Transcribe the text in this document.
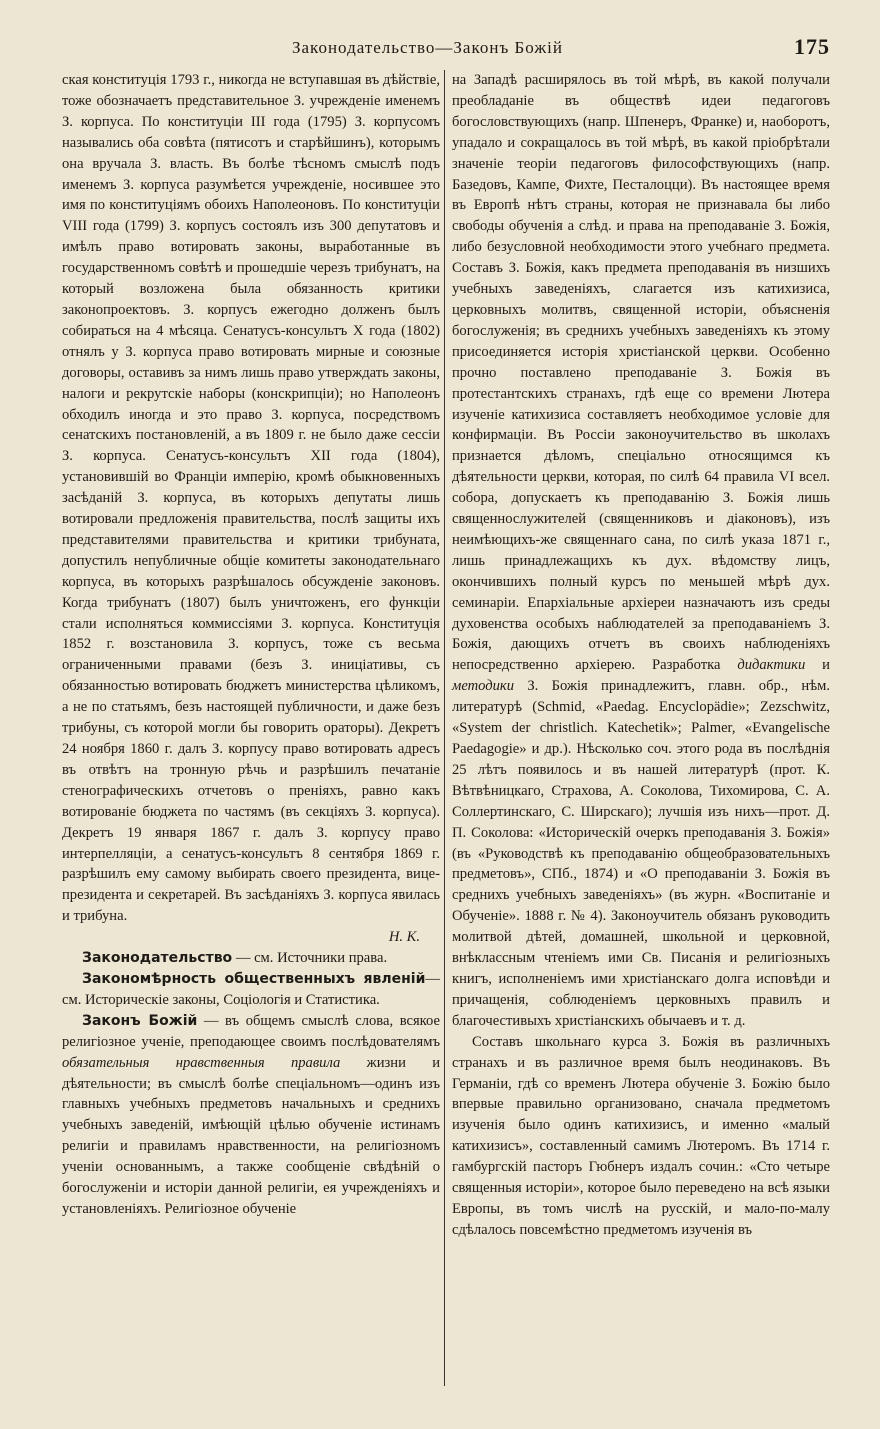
Законодательство—Законъ Божій	175

ская конституція 1793 г., никогда не вступавшая въ дѣйствіе, тоже обозначаетъ представительное З. учрежденіе именемъ З. корпуса. По конституціи III года (1795) З. корпусомъ назывались оба совѣта (пятисотъ и старѣйшинъ), которымъ она вручала З. власть. Въ болѣе тѣсномъ смыслѣ подъ именемъ З. корпуса разумѣется учрежденіе, носившее это имя по конституціямъ обоихъ Наполеоновъ. По конституціи VIII года (1799) З. корпусъ состоялъ изъ 300 депутатовъ и имѣлъ право вотировать законы, выработанные въ государственномъ совѣтѣ и прошедшіе черезъ трибунатъ, на который возложена была обязанность критики законопроектовъ. З. корпусъ ежегодно долженъ былъ собираться на 4 мѣсяца. Сенатусъ-консультъ X года (1802) отнялъ у З. корпуса право вотировать мирные и союзные договоры, оставивъ за нимъ лишь право утверждать законы, налоги и рекрутскіе наборы (конскрипціи); но Наполеонъ обходилъ иногда и это право З. корпуса, посредствомъ сенатскихъ постановленій, а въ 1809 г. не было даже сессіи З. корпуса. Сенатусъ-консультъ XII года (1804), установившій во Франціи имперію, кромѣ обыкновенныхъ засѣданій З. корпуса, въ которыхъ депутаты лишь вотировали предложенія правительства, послѣ защиты ихъ представителями правительства и критики трибуната, допустилъ непубличные общіе комитеты законодательнаго корпуса, въ которыхъ разрѣшалось обсужденіе законовъ. Когда трибунатъ (1807) былъ уничтоженъ, его функціи стали исполняться коммиссіями З. корпуса. Конституція 1852 г. возстановила З. корпусъ, тоже съ весьма ограниченными правами (безъ З. иниціативы, съ обязанностью вотировать бюджетъ министерства цѣликомъ, а не по статьямъ, безъ настоящей публичности, и даже безъ трибуны, съ которой могли бы говорить ораторы). Декретъ 24 ноября 1860 г. далъ З. корпусу право вотировать адресъ въ отвѣтъ на тронную рѣчь и разрѣшилъ печатаніе стенографическихъ отчетовъ о преніяхъ, равно какъ вотированіе бюджета по частямъ (въ секціяхъ З. корпуса). Декретъ 19 января 1867 г. далъ З. корпусу право интерпелляціи, а сенатусъ-консультъ 8 сентября 1869 г. разрѣшилъ ему самому выбирать своего президента, вице-президента и секретарей. Въ засѣданіяхъ З. корпуса явилась и трибуна.

Н. К.

Законодательство — см. Источники права.

Закономѣрность общественныхъ явленій—см. Историческіе законы, Соціологія и Статистика.

Законъ Божій — въ общемъ смыслѣ слова, всякое религіозное ученіе, преподающее своимъ послѣдователямъ обязательныя нравственныя правила жизни и дѣятельности; въ смыслѣ болѣе спеціальномъ—одинъ изъ главныхъ учебныхъ предметовъ начальныхъ и среднихъ учебныхъ заведеній, имѣющій цѣлью обученіе истинамъ религіи и правиламъ нравственности, на религіозномъ ученіи основаннымъ, а также сообщеніе свѣдѣній о богослуженіи и исторіи данной религіи, ея учрежденіяхъ и установленіяхъ. Религіозное обученіе

на Западѣ расширялось въ той мѣрѣ, въ какой получали преобладаніе въ обществѣ идеи педагоговъ богословствующихъ (напр. Шпенеръ, Франке) и, наоборотъ, упадало и сокращалось въ той мѣрѣ, въ какой пріобрѣтали значеніе теоріи педагоговъ философствующихъ (напр. Базедовъ, Кампе, Фихте, Песталоцци). Въ настоящее время въ Европѣ нѣтъ страны, которая не признавала бы либо свободы обученія а слѣд. и права на преподаваніе З. Божія, либо безусловной необходимости этого учебнаго предмета. Составъ З. Божія, какъ предмета преподаванія въ низшихъ учебныхъ заведеніяхъ, слагается изъ катихизиса, церковныхъ молитвъ, священной исторіи, объясненія богослуженія; въ среднихъ учебныхъ заведеніяхъ къ этому присоединяется исторія христіанской церкви. Особенно прочно поставлено преподаваніе З. Божія въ протестантскихъ странахъ, гдѣ еще со времени Лютера изученіе катихизиса составляетъ необходимое условіе для конфирмаціи. Въ Россіи законоучительство въ школахъ признается дѣломъ, спеціально относящимся къ дѣятельности церкви, которая, по силѣ 64 правила VI всел. собора, допускаетъ къ преподаванію З. Божія лишь священнослужителей (священниковъ и діаконовъ), изъ неимѣющихъ-же священнаго сана, по силѣ указа 1871 г., лишь принадлежащихъ къ дух. вѣдомству лицъ, окончившихъ полный курсъ по меньшей мѣрѣ дух. семинаріи. Епархіальные архіереи назначаютъ изъ среды духовенства особыхъ наблюдателей за преподаваніемъ З. Божія, дающихъ отчетъ въ своихъ наблюденіяхъ непосредственно архіерею. Разработка дидактики и методики З. Божія принадлежитъ, главн. обр., нѣм. литературѣ (Schmid, «Paedag. Encyclopädie»; Zezschwitz, «System der christlich. Katechetik»; Palmer, «Evangelische Paedagogie» и др.). Нѣсколько соч. этого рода въ послѣднія 25 лѣтъ появилось и въ нашей литературѣ (прот. К. Вѣтвѣницкаго, Страхова, А. Соколова, Тихомирова, С. А. Соллертинскаго, С. Ширскаго); лучшія изъ нихъ—прот. Д. П. Соколова: «Историческій очеркъ преподаванія З. Божія» (въ «Руководствѣ къ преподаванію общеобразовательныхъ предметовъ», СПб., 1874) и «О преподаваніи З. Божія въ среднихъ учебныхъ заведеніяхъ» (въ журн. «Воспитаніе и Обученіе». 1888 г. № 4). Законоучитель обязанъ руководить молитвой дѣтей, домашней, школьной и церковной, внѣклассным чтеніемъ ими Св. Писанія и религіозныхъ книгъ, исполненіемъ ими христіанскаго долга исповѣди и причащенія, соблюденіемъ церковныхъ правилъ и благочестивыхъ христіанскихъ обычаевъ и т. д.

Составъ школьнаго курса З. Божія въ различныхъ странахъ и въ различное время былъ неодинаковъ. Въ Германіи, гдѣ со временъ Лютера обученіе З. Божію было впервые правильно организовано, сначала предметомъ изученія было одинъ катихизисъ, и именно «малый катихизисъ», составленный самимъ Лютеромъ. Въ 1714 г. гамбургскій пасторъ Гюбнеръ издалъ сочин.: «Сто четыре священныя исторіи», которое было переведено на всѣ языки Европы, въ томъ числѣ на русскій, и мало-по-малу сдѣлалось повсемѣстно предметомъ изученія въ
